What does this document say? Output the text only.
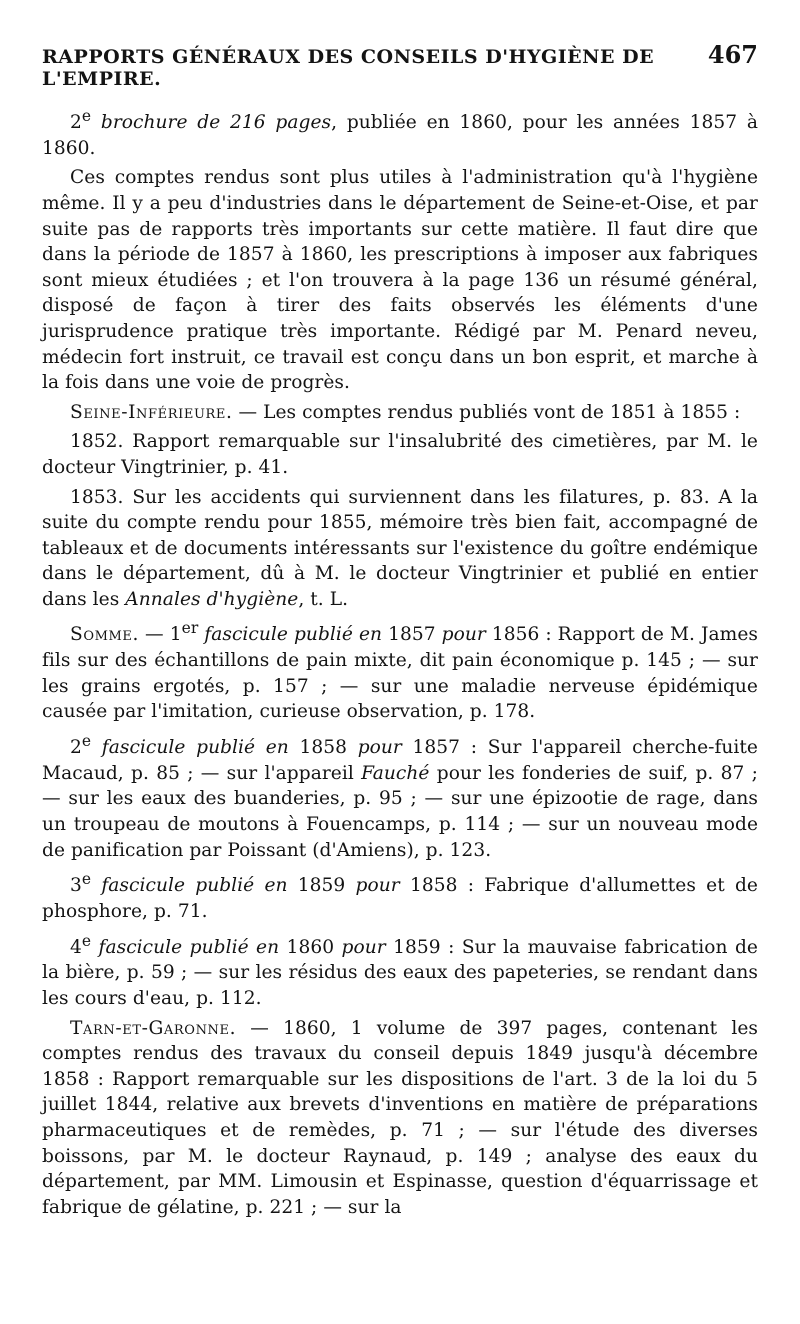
RAPPORTS GÉNÉRAUX DES CONSEILS D'HYGIÈNE DE L'EMPIRE.
467

2e brochure de 216 pages, publiée en 1860, pour les années 1857 à 1860.

Ces comptes rendus sont plus utiles à l'administration qu'à l'hygiène même. Il y a peu d'industries dans le département de Seine-et-Oise, et par suite pas de rapports très importants sur cette matière. Il faut dire que dans la période de 1857 à 1860, les prescriptions à imposer aux fabriques sont mieux étudiées ; et l'on trouvera à la page 136 un résumé général, disposé de façon à tirer des faits observés les éléments d'une jurisprudence pratique très importante. Rédigé par M. Penard neveu, médecin fort instruit, ce travail est conçu dans un bon esprit, et marche à la fois dans une voie de progrès.

Seine-Inférieure. — Les comptes rendus publiés vont de 1851 à 1855 :

1852. Rapport remarquable sur l'insalubrité des cimetières, par M. le docteur Vingtrinier, p. 41.

1853. Sur les accidents qui surviennent dans les filatures, p. 83. A la suite du compte rendu pour 1855, mémoire très bien fait, accompagné de tableaux et de documents intéressants sur l'existence du goître endémique dans le département, dû à M. le docteur Vingtrinier et publié en entier dans les Annales d'hygiène, t. L.

Somme. — 1er fascicule publié en 1857 pour 1856 : Rapport de M. James fils sur des échantillons de pain mixte, dit pain économique p. 145 ; — sur les grains ergotés, p. 157 ; — sur une maladie nerveuse épidémique causée par l'imitation, curieuse observation, p. 178.

2e fascicule publié en 1858 pour 1857 : Sur l'appareil cherche-fuite Macaud, p. 85 ; — sur l'appareil Fauché pour les fonderies de suif, p. 87 ; — sur les eaux des buanderies, p. 95 ; — sur une épizootie de rage, dans un troupeau de moutons à Fouencamps, p. 114 ; — sur un nouveau mode de panification par Poissant (d'Amiens), p. 123.

3e fascicule publié en 1859 pour 1858 : Fabrique d'allumettes et de phosphore, p. 71.

4e fascicule publié en 1860 pour 1859 : Sur la mauvaise fabrication de la bière, p. 59 ; — sur les résidus des eaux des papeteries, se rendant dans les cours d'eau, p. 112.

Tarn-et-Garonne. — 1860, 1 volume de 397 pages, contenant les comptes rendus des travaux du conseil depuis 1849 jusqu'à décembre 1858 : Rapport remarquable sur les dispositions de l'art. 3 de la loi du 5 juillet 1844, relative aux brevets d'inventions en matière de préparations pharmaceutiques et de remèdes, p. 71 ; — sur l'étude des diverses boissons, par M. le docteur Raynaud, p. 149 ; analyse des eaux du département, par MM. Limousin et Espinasse, question d'équarrissage et fabrique de gélatine, p. 221 ; — sur la
